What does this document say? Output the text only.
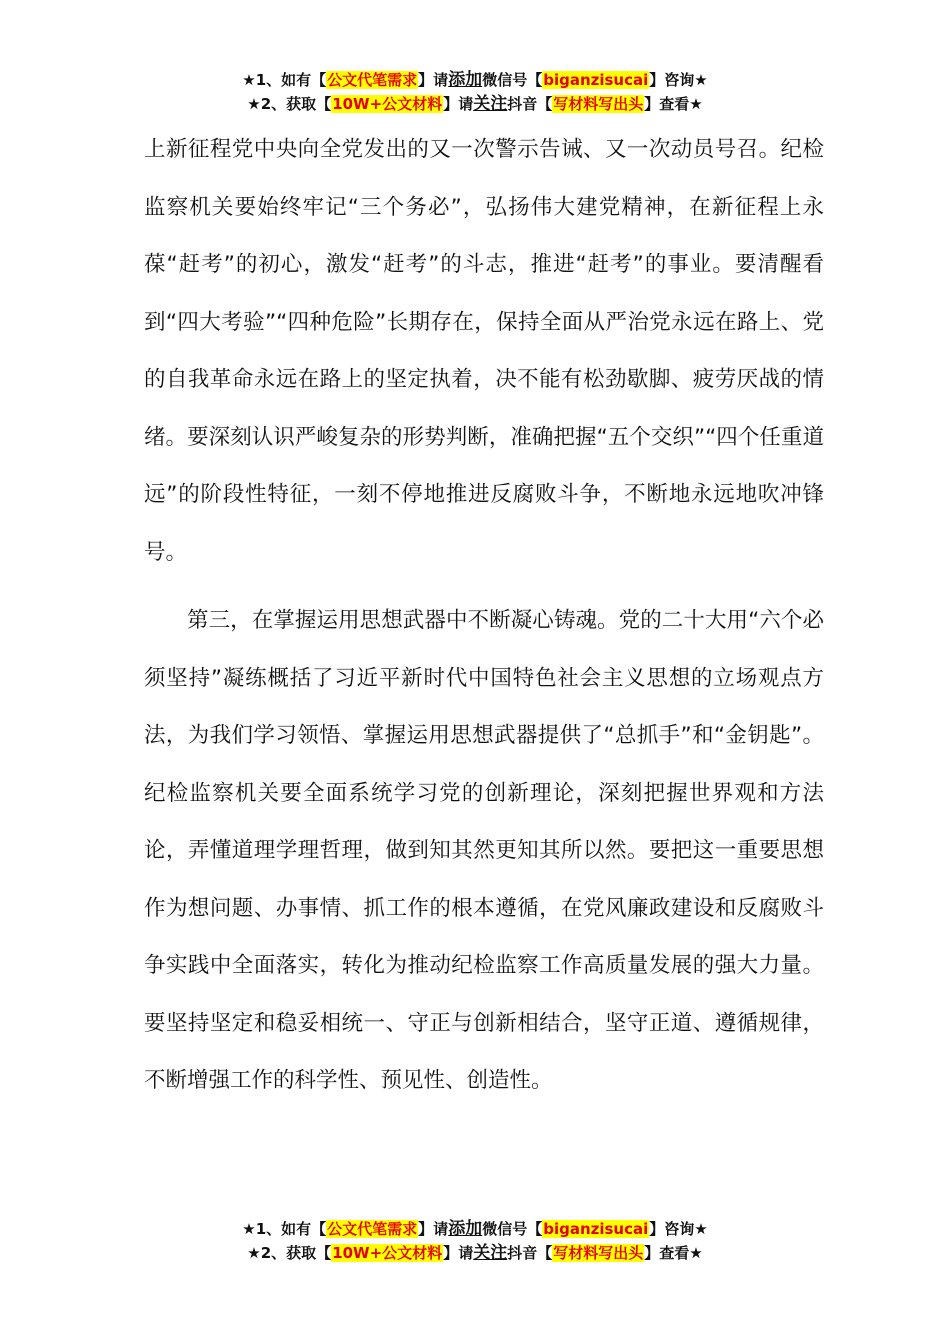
★1、如有【公文代笔需求】请添加微信号【biganzisucai】咨询★
★2、获取【10W+公文材料】请关注抖音【写材料写出头】查看★

上新征程党中央向全党发出的又一次警示告诫、又一次动员号召。纪检监察机关要始终牢记“三个务必”，弘扬伟大建党精神，在新征程上永葆“赶考”的初心，激发“赶考”的斗志，推进“赶考”的事业。要清醒看到“四大考验”“四种危险”长期存在，保持全面从严治党永远在路上、党的自我革命永远在路上的坚定执着，决不能有松劲歇脚、疲劳厌战的情绪。要深刻认识严峻复杂的形势判断，准确把握“五个交织”“四个任重道远”的阶段性特征，一刻不停地推进反腐败斗争，不断地永远地吹冲锋号。

第三，在掌握运用思想武器中不断凝心铸魂。党的二十大用“六个必须坚持”凝练概括了习近平新时代中国特色社会主义思想的立场观点方法，为我们学习领悟、掌握运用思想武器提供了“总抓手”和“金钥匙”。纪检监察机关要全面系统学习党的创新理论，深刻把握世界观和方法论，弄懂道理学理哲理，做到知其然更知其所以然。要把这一重要思想作为想问题、办事情、抓工作的根本遵循，在党风廉政建设和反腐败斗争实践中全面落实，转化为推动纪检监察工作高质量发展的强大力量。要坚持坚定和稳妥相统一、守正与创新相结合，坚守正道、遵循规律，不断增强工作的科学性、预见性、创造性。

★1、如有【公文代笔需求】请添加微信号【biganzisucai】咨询★
★2、获取【10W+公文材料】请关注抖音【写材料写出头】查看★
